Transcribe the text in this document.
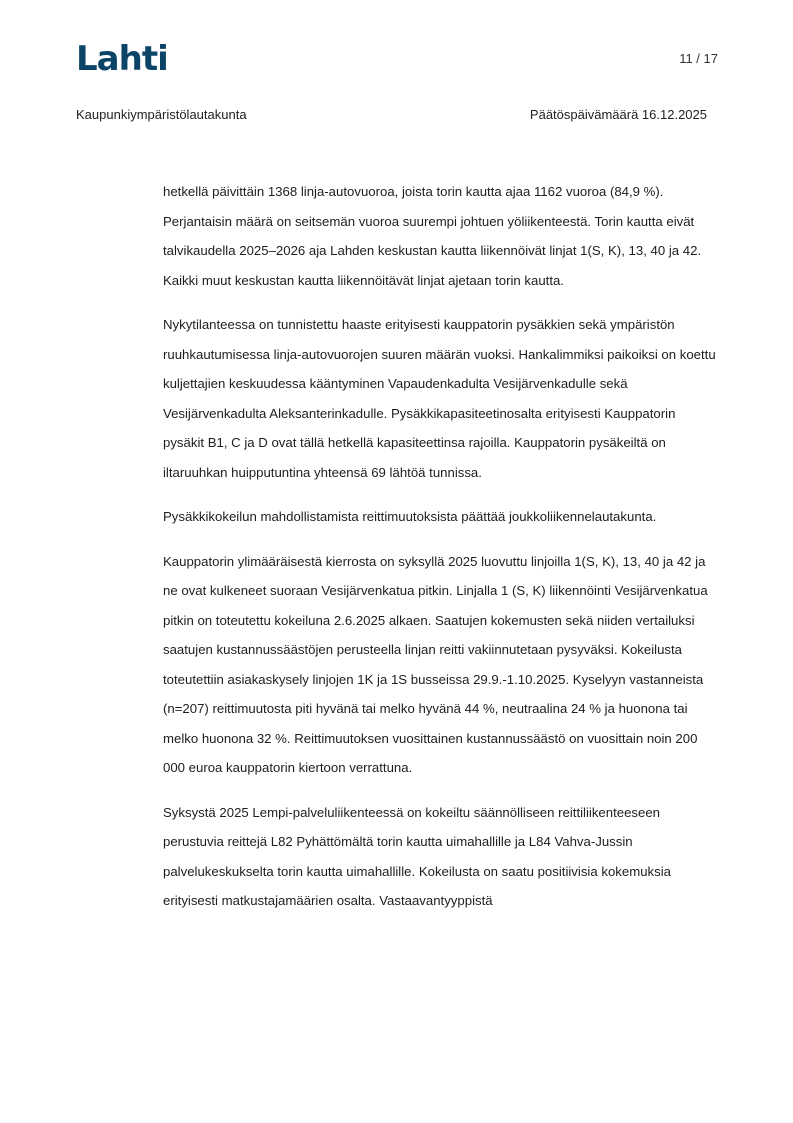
Lahti	11 / 17
Kaupunkiympäristölautakunta	Päätöspäivämäärä 16.12.2025

hetkellä päivittäin 1368 linja-autovuoroa, joista torin kautta ajaa 1162 vuoroa (84,9 %). Perjantaisin määrä on seitsemän vuoroa suurempi johtuen yöliikenteestä. Torin kautta eivät talvikaudella 2025–2026 aja Lahden keskustan kautta liikennöivät linjat 1(S, K), 13, 40 ja 42. Kaikki muut keskustan kautta liikennöitävät linjat ajetaan torin kautta.

Nykytilanteessa on tunnistettu haaste erityisesti kauppatorin pysäkkien sekä ympäristön ruuhkautumisessa linja-autovuorojen suuren määrän vuoksi. Hankalimmiksi paikoiksi on koettu kuljettajien keskuudessa kääntyminen Vapaudenkadulta Vesijärvenkadulle sekä Vesijärvenkadulta Aleksanterinkadulle. Pysäkkikapasiteetinosalta erityisesti Kauppatorin pysäkit B1, C ja D ovat tällä hetkellä kapasiteettinsa rajoilla. Kauppatorin pysäkeiltä on iltaruuhkan huipputuntina yhteensä 69 lähtöä tunnissa.

Pysäkkikokeilun mahdollistamista reittimuutoksista päättää joukkoliikennelautakunta.

Kauppatorin ylimääräisestä kierrosta on syksyllä 2025 luovuttu linjoilla 1(S, K), 13, 40 ja 42 ja ne ovat kulkeneet suoraan Vesijärvenkatua pitkin. Linjalla 1 (S, K) liikennöinti Vesijärvenkatua pitkin on toteutettu kokeiluna 2.6.2025 alkaen. Saatujen kokemusten sekä niiden vertailuksi saatujen kustannussäästöjen perusteella linjan reitti vakiinnutetaan pysyväksi. Kokeilusta toteutettiin asiakaskysely linjojen 1K ja 1S busseissa 29.9.-1.10.2025. Kyselyyn vastanneista (n=207) reittimuutosta piti hyvänä tai melko hyvänä 44 %, neutraalina 24 % ja huonona tai melko huonona 32 %. Reittimuutoksen vuosittainen kustannussäästö on vuosittain noin 200 000 euroa kauppatorin kiertoon verrattuna.

Syksystä 2025 Lempi-palveluliikenteessä on kokeiltu säännölliseen reittiliikenteeseen perustuvia reittejä L82 Pyhättömältä torin kautta uimahallille ja L84 Vahva-Jussin palvelukeskukselta torin kautta uimahallille. Kokeilusta on saatu positiivisia kokemuksia erityisesti matkustajamäärien osalta. Vastaavantyyppistä
